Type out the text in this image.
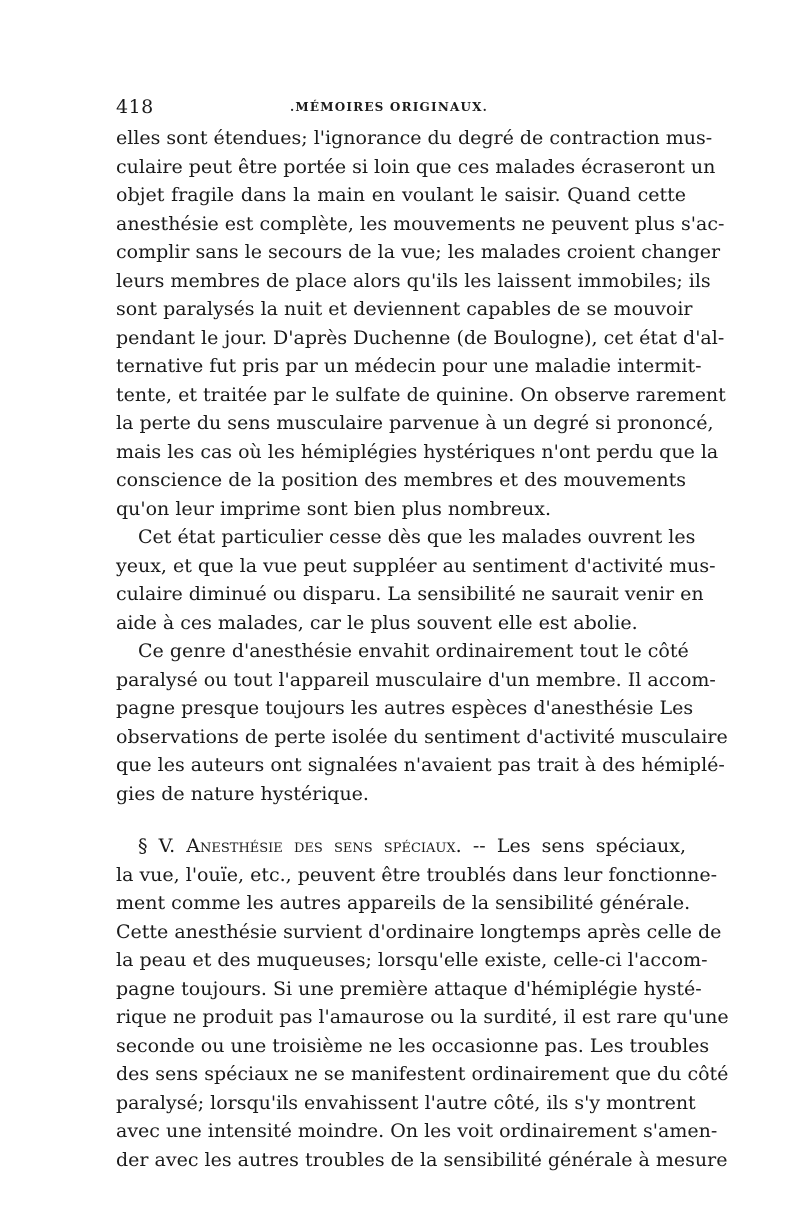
418	.MÉMOIRES ORIGINAUX.
elles sont étendues; l'ignorance du degré de contraction mus-
culaire peut être portée si loin que ces malades écraseront un
objet fragile dans la main en voulant le saisir. Quand cette
anesthésie est complète, les mouvements ne peuvent plus s'ac-
complir sans le secours de la vue; les malades croient changer
leurs membres de place alors qu'ils les laissent immobiles; ils
sont paralysés la nuit et deviennent capables de se mouvoir
pendant le jour. D'après Duchenne (de Boulogne), cet état d'al-
ternative fut pris par un médecin pour une maladie intermit-
tente, et traitée par le sulfate de quinine. On observe rarement
la perte du sens musculaire parvenue à un degré si prononcé,
mais les cas où les hémiplégies hystériques n'ont perdu que la
conscience de la position des membres et des mouvements
qu'on leur imprime sont bien plus nombreux.
Cet état particulier cesse dès que les malades ouvrent les
yeux, et que la vue peut suppléer au sentiment d'activité mus-
culaire diminué ou disparu. La sensibilité ne saurait venir en
aide à ces malades, car le plus souvent elle est abolie.
Ce genre d'anesthésie envahit ordinairement tout le côté
paralysé ou tout l'appareil musculaire d'un membre. Il accom-
pagne presque toujours les autres espèces d'anesthésie Les
observations de perte isolée du sentiment d'activité musculaire
que les auteurs ont signalées n'avaient pas trait à des hémiplé-
gies de nature hystérique.
§ V. Anesthésie des sens spéciaux. -- Les sens spéciaux,
la vue, l'ouïe, etc., peuvent être troublés dans leur fonctionne-
ment comme les autres appareils de la sensibilité générale.
Cette anesthésie survient d'ordinaire longtemps après celle de
la peau et des muqueuses; lorsqu'elle existe, celle-ci l'accom-
pagne toujours. Si une première attaque d'hémiplégie hysté-
rique ne produit pas l'amaurose ou la surdité, il est rare qu'une
seconde ou une troisième ne les occasionne pas. Les troubles
des sens spéciaux ne se manifestent ordinairement que du côté
paralysé; lorsqu'ils envahissent l'autre côté, ils s'y montrent
avec une intensité moindre. On les voit ordinairement s'amen-
der avec les autres troubles de la sensibilité générale à mesure
